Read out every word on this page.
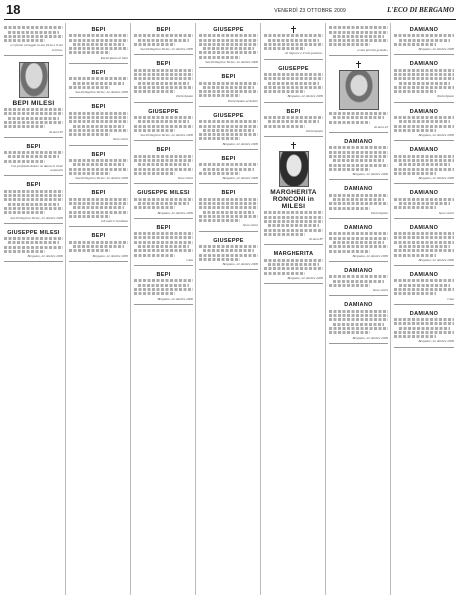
18	VENERDÌ 23 OTTOBRE 2009	L'ECO DI BERGAMO

«Ci fanno coraggio la tua forza e il tuo sorriso»

BEPI MILESI

di anni 65

BEPI

Con profondo dolore ne danno il triste annuncio

BEPI

San Pellegrino Terme, 22 ottobre 2009

GIUSEPPE MILESI

Bergamo, 22 ottobre 2009

BEPI

Partecipano al lutto

BEPI

San Pellegrino Terme, 22 ottobre 2009

BEPI

Sono vicini

BEPI

San Pellegrino Terme, 22 ottobre 2009

BEPI

Gli amici ricordano

BEPI

Bergamo, 22 ottobre 2009

BEPI

San Pellegrino Terme, 22 ottobre 2009

BEPI

Partecipano

GIUSEPPE

San Pellegrino Terme, 22 ottobre 2009

BEPI

Sono vicini

GIUSEPPE MILESI

Bergamo, 22 ottobre 2009

BEPI

Ciao

BEPI

Bergamo, 22 ottobre 2009

GIUSEPPE

San Pellegrino Terme, 22 ottobre 2009

BEPI

Partecipano al dolore

GIUSEPPE

Bergamo, 22 ottobre 2009

BEPI

Bergamo, 22 ottobre 2009

BEPI

Sono vicini

GIUSEPPE

Bergamo, 22 ottobre 2009

«Il Signore è il mio pastore»

GIUSEPPE

Bergamo, 22 ottobre 2009

BEPI

Partecipano

MARGHERITA RONCONI in MILESI

di anni 87

MARGHERITA

Bergamo, 22 ottobre 2009

«Ciao piccola grande»

di anni 43

DAMIANO

Bergamo, 22 ottobre 2009

DAMIANO

Partecipano

DAMIANO

Bergamo, 22 ottobre 2009

DAMIANO

Sono vicini

DAMIANO

Bergamo, 22 ottobre 2009

DAMIANO

Bergamo, 22 ottobre 2009

DAMIANO

Partecipano

DAMIANO

Bergamo, 22 ottobre 2009

DAMIANO

Bergamo, 22 ottobre 2009

DAMIANO

Sono vicini

DAMIANO

Bergamo, 22 ottobre 2009

DAMIANO

Ciao

DAMIANO

Bergamo, 22 ottobre 2009
